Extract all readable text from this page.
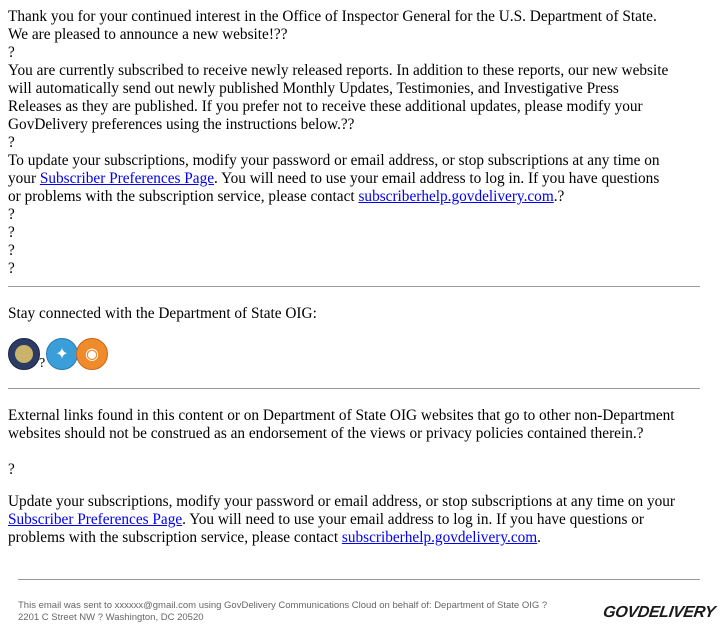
Thank you for your continued interest in the Office of Inspector General for the U.S. Department of State.

We are pleased to announce a new website!??

?

You are currently subscribed to receive newly released reports. In addition to these reports, our new website

will automatically send out newly published Monthly Updates, Testimonies, and Investigative Press

Releases as they are published. If you prefer not to receive these additional updates, please modify your

GovDelivery preferences using the instructions below.??

?

To update your subscriptions, modify your password or email address, or stop subscriptions at any time on

your Subscriber Preferences Page. You will need to use your email address to log in. If you have questions

or problems with the subscription service, please contact subscriberhelp.govdelivery.com.?

?

?

?

?

Stay connected with the Department of State OIG:

?
✦	◉

External links found in this content or on Department of State OIG websites that go to other non-Department

websites should not be construed as an endorsement of the views or privacy policies contained therein.?

?

Update your subscriptions, modify your password or email address, or stop subscriptions at any time on your

Subscriber Preferences Page. You will need to use your email address to log in. If you have questions or

problems with the subscription service, please contact subscriberhelp.govdelivery.com.

This email was sent to xxxxxx@gmail.com using GovDelivery Communications Cloud on behalf of: Department of State OIG ?
2201 C Street NW ? Washington, DC 20520	GOVDELIVERY
